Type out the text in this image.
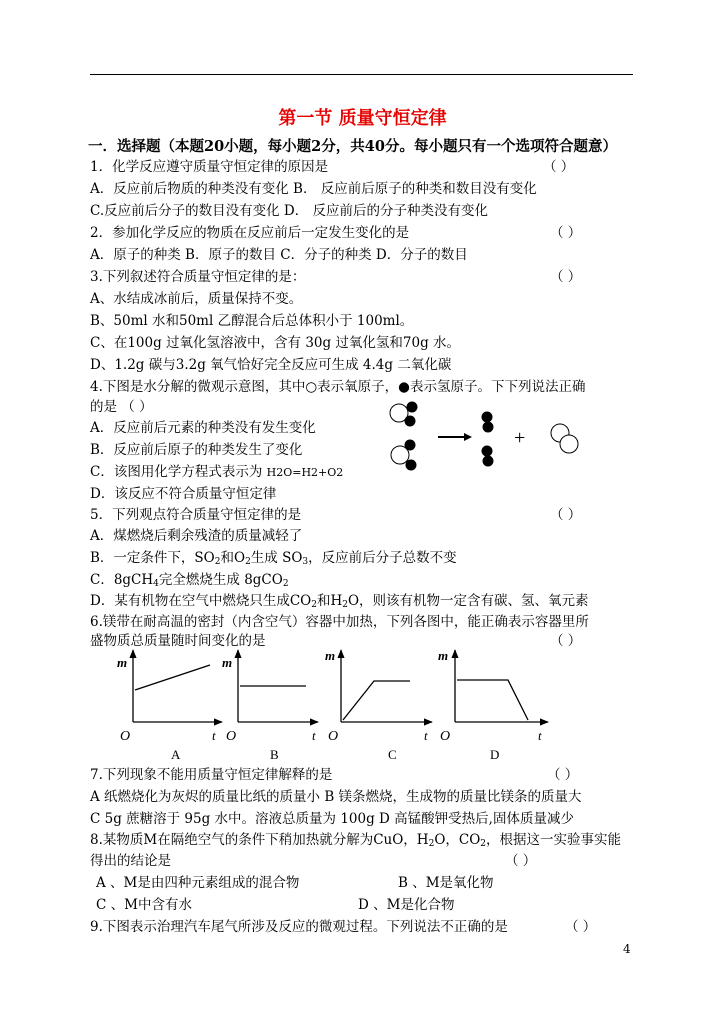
第一节 质量守恒定律
一．选择题（本题20小题，每小题2分，共40分。每小题只有一个选项符合题意）
1．化学反应遵守质量守恒定律的原因是	（ ）
A．反应前后物质的种类没有变化 B． 反应前后原子的种类和数目没有变化
C.反应前后分子的数目没有变化 D． 反应前后的分子种类没有变化
2．参加化学反应的物质在反应前后一定发生变化的是	（ ）
A．原子的种类 B．原子的数目 C．分子的种类 D．分子的数目
3.下列叙述符合质量守恒定律的是：	（ ）
A、水结成冰前后，质量保持不变。
B、50ml 水和50ml 乙醇混合后总体积小于 100ml。
C、在100g 过氧化氢溶液中，含有 30g 过氧化氢和70g 水。
D、1.2g 碳与3.2g 氧气恰好完全反应可生成 4.4g 二氧化碳
4.下图是水分解的微观示意图，其中○表示氧原子，●表示氢原子。下下列说法正确
的是 （ ）
A．反应前后元素的种类没有发生变化
B．反应前后原子的种类发生了变化
C．该图用化学方程式表示为 H2O=H2+O2
D．该反应不符合质量守恒定律
+
5．下列观点符合质量守恒定律的是	（ ）
A．煤燃烧后剩余残渣的质量减轻了
B．一定条件下，$SO_2$和$O_2$生成 $SO_3$，反应前后分子总数不变
C．8gCH$_4$完全燃烧生成 8gCO$_2$
D．某有机物在空气中燃烧只生成$CO_2$和$H_2O$，则该有机物一定含有碳、氢、氧元素
6.镁带在耐高温的密封（内含空气）容器中加热，下列各图中，能正确表示容器里所
盛物质总质量随时间变化的是	（ ）
m
O	t
A
m
O	t
B
m
O	t
C
m
O	t
D
7.下列现象不能用质量守恒定律解释的是	（ ）
A 纸燃烧化为灰烬的质量比纸的质量小 B 镁条燃烧，生成物的质量比镁条的质量大
C 5g 蔗糖溶于 95g 水中。溶液总质量为 100g D 高锰酸钾受热后,固体质量减少
8.某物质M在隔绝空气的条件下稍加热就分解为CuO，$H_2O$，$CO_2$，根据这一实验事实能
得出的结论是	（ ）
A 、M是由四种元素组成的混合物	B 、M是氧化物
C 、M中含有水	D 、M是化合物
9.下图表示治理汽车尾气所涉及反应的微观过程。下列说法不正确的是	（ ）
4
